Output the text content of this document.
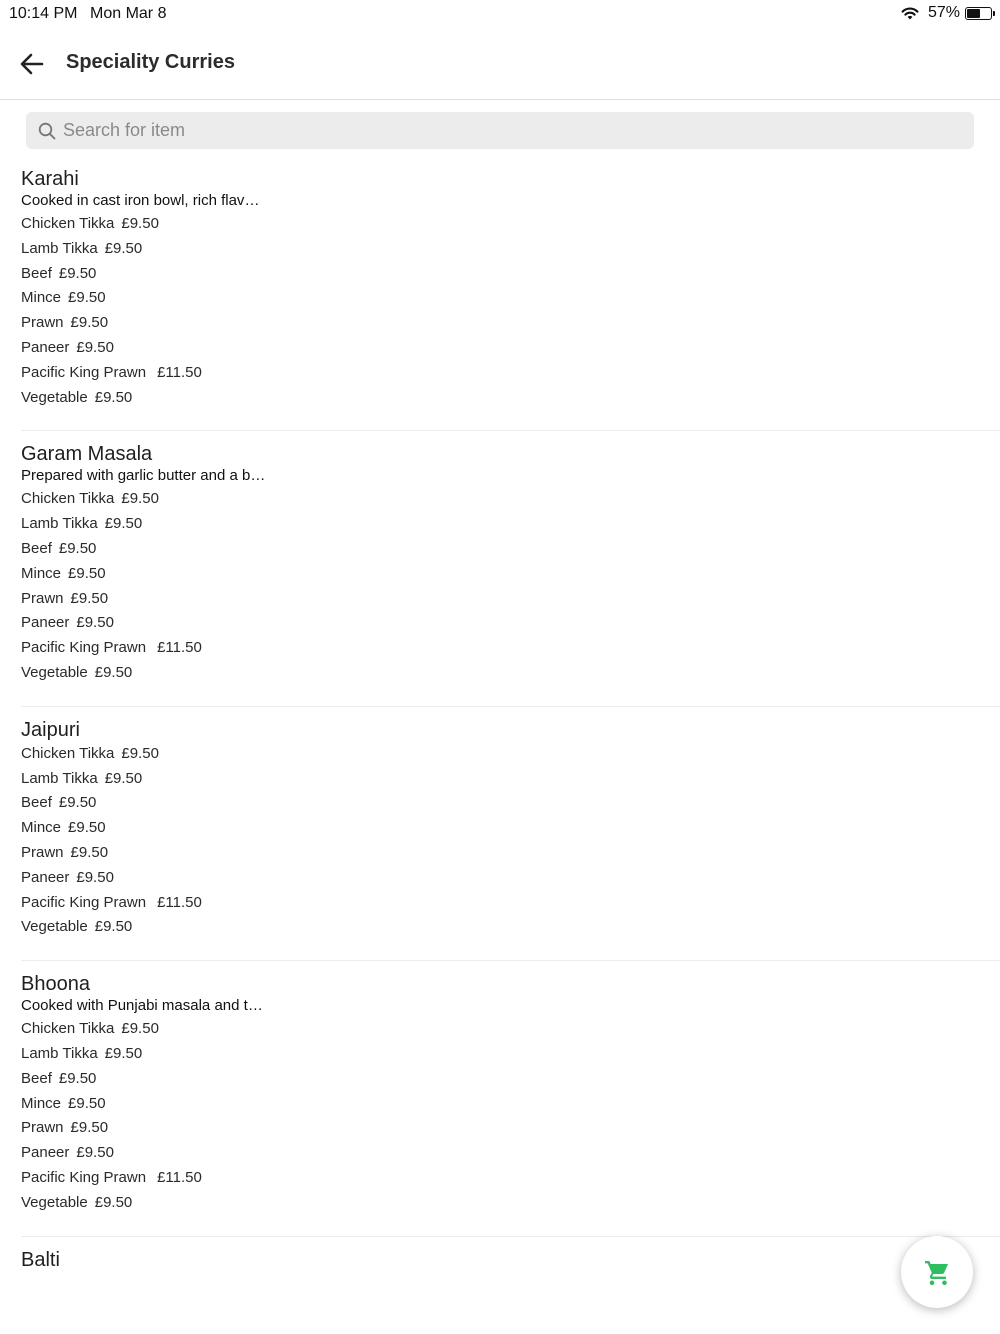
10:14 PM Mon Mar 8	57%
Speciality Curries
Search for item
Karahi
Cooked in cast iron bowl, rich flav …
Chicken Tikka £9.50
Lamb Tikka £9.50
Beef £9.50
Mince £9.50
Prawn £9.50
Paneer £9.50
Pacific King Prawn £11.50
Vegetable £9.50
Garam Masala
Prepared with garlic butter and a b …
Chicken Tikka £9.50
Lamb Tikka £9.50
Beef £9.50
Mince £9.50
Prawn £9.50
Paneer £9.50
Pacific King Prawn £11.50
Vegetable £9.50
Jaipuri
Chicken Tikka £9.50
Lamb Tikka £9.50
Beef £9.50
Mince £9.50
Prawn £9.50
Paneer £9.50
Pacific King Prawn £11.50
Vegetable £9.50
Bhoona
Cooked with Punjabi masala and t …
Chicken Tikka £9.50
Lamb Tikka £9.50
Beef £9.50
Mince £9.50
Prawn £9.50
Paneer £9.50
Pacific King Prawn £11.50
Vegetable £9.50
Balti
